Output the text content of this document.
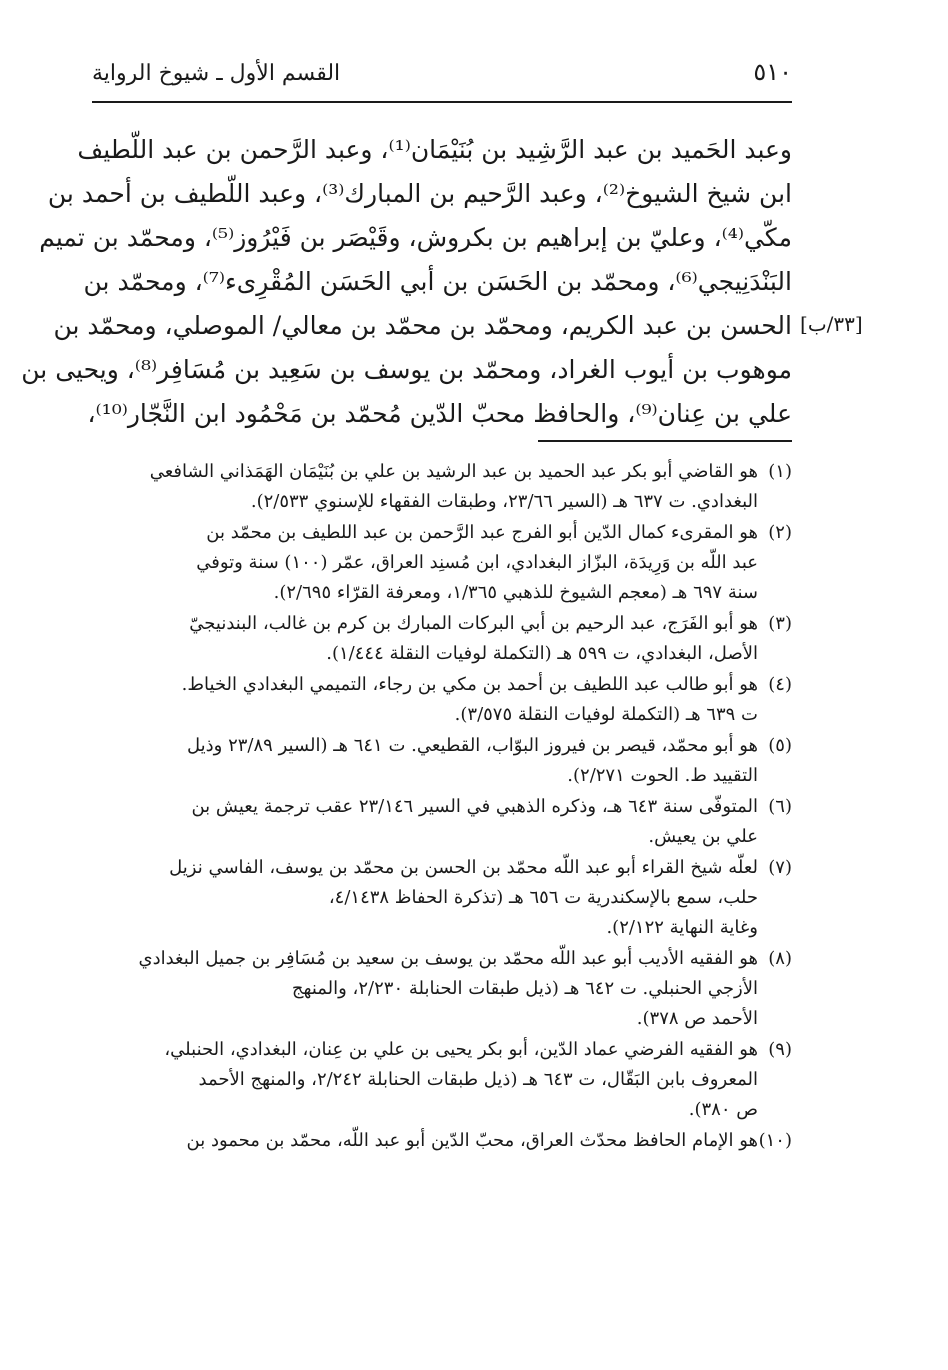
٥١٠
القسم الأول ـ شيوخ الرواية
[٣٣/ب]
وعبد الحَميد بن عبد الرَّشِيد بن بُنَيْمَان⁽¹⁾، وعبد الرَّحمن بن عبد اللّطيف
ابن شيخ الشيوخ⁽²⁾، وعبد الرَّحيم بن المبارك⁽³⁾، وعبد اللّطيف بن أحمد بن
مكّي⁽⁴⁾، وعليّ بن إبراهيم بن بكروش، وقَيْصَر بن فَيْرُوز⁽⁵⁾، ومحمّد بن تميم
البَنْدَنِيجي⁽⁶⁾، ومحمّد بن الحَسَن بن أبي الحَسَن المُقْرِىء⁽⁷⁾، ومحمّد بن
الحسن بن عبد الكريم، ومحمّد بن محمّد بن معالي/ الموصلي، ومحمّد بن
موهوب بن أيوب الغراد، ومحمّد بن يوسف بن سَعِيد بن مُسَافِر⁽⁸⁾، ويحيى بن
علي بن عِنان⁽⁹⁾، والحافظ محبّ الدّين مُحمّد بن مَحْمُود ابن النَّجّار⁽¹⁰⁾،
(١)هو القاضي أبو بكر عبد الحميد بن عبد الرشيد بن علي بن بُنَيْمَان الهَمَذاني الشافعي
البغدادي. ت ٦٣٧ هـ (السير ٢٣/٦٦، وطبقات الفقهاء للإسنوي ٢/٥٣٣).
(٢)هو المقرىء كمال الدّين أبو الفرج عبد الرَّحمن بن عبد اللطيف بن محمّد بن
عبد اللّه بن وَرِيدَة، البزّاز البغدادي، ابن مُسنِد العراق، عمّر (١٠٠) سنة وتوفي
سنة ٦٩٧ هـ (معجم الشيوخ للذهبي ١/٣٦٥، ومعرفة القرّاء ٢/٦٩٥).
(٣)هو أبو الفَرَج، عبد الرحيم بن أبي البركات المبارك بن كرم بن غالب، البندنيجيّ
الأصل، البغدادي، ت ٥٩٩ هـ (التكملة لوفيات النقلة ١/٤٤٤).
(٤)هو أبو طالب عبد اللطيف بن أحمد بن مكي بن رجاء، التميمي البغدادي الخياط.
ت ٦٣٩ هـ (التكملة لوفيات النقلة ٣/٥٧٥).
(٥)هو أبو محمّد، قيصر بن فيروز البوّاب، القطيعي. ت ٦٤١ هـ (السير ٢٣/٨٩ وذيل
التقييد ط. الحوت ٢/٢٧١).
(٦)المتوفّى سنة ٦٤٣ هـ، وذكره الذهبي في السير ٢٣/١٤٦ عقب ترجمة يعيش بن
علي بن يعيش.
(٧)لعلّه شيخ القراء أبو عبد اللّه محمّد بن الحسن بن محمّد بن يوسف، الفاسي نزيل
حلب، سمع بالإسكندرية ت ٦٥٦ هـ (تذكرة الحفاظ ٤/١٤٣٨،
وغاية النهاية ٢/١٢٢).
(٨)هو الفقيه الأديب أبو عبد اللّه محمّد بن يوسف بن سعيد بن مُسَافِر بن جميل البغدادي
الأزجي الحنبلي. ت ٦٤٢ هـ (ذيل طبقات الحنابلة ٢/٢٣٠، والمنهج
الأحمد ص ٣٧٨).
(٩)هو الفقيه الفرضي عماد الدّين، أبو بكر يحيى بن علي بن عِنان، البغدادي، الحنبلي،
المعروف بابن البَقّال، ت ٦٤٣ هـ (ذيل طبقات الحنابلة ٢/٢٤٢، والمنهج الأحمد
ص ٣٨٠).
(١٠)هو الإمام الحافظ محدّث العراق، محبّ الدّين أبو عبد اللّه، محمّد بن محمود بن
